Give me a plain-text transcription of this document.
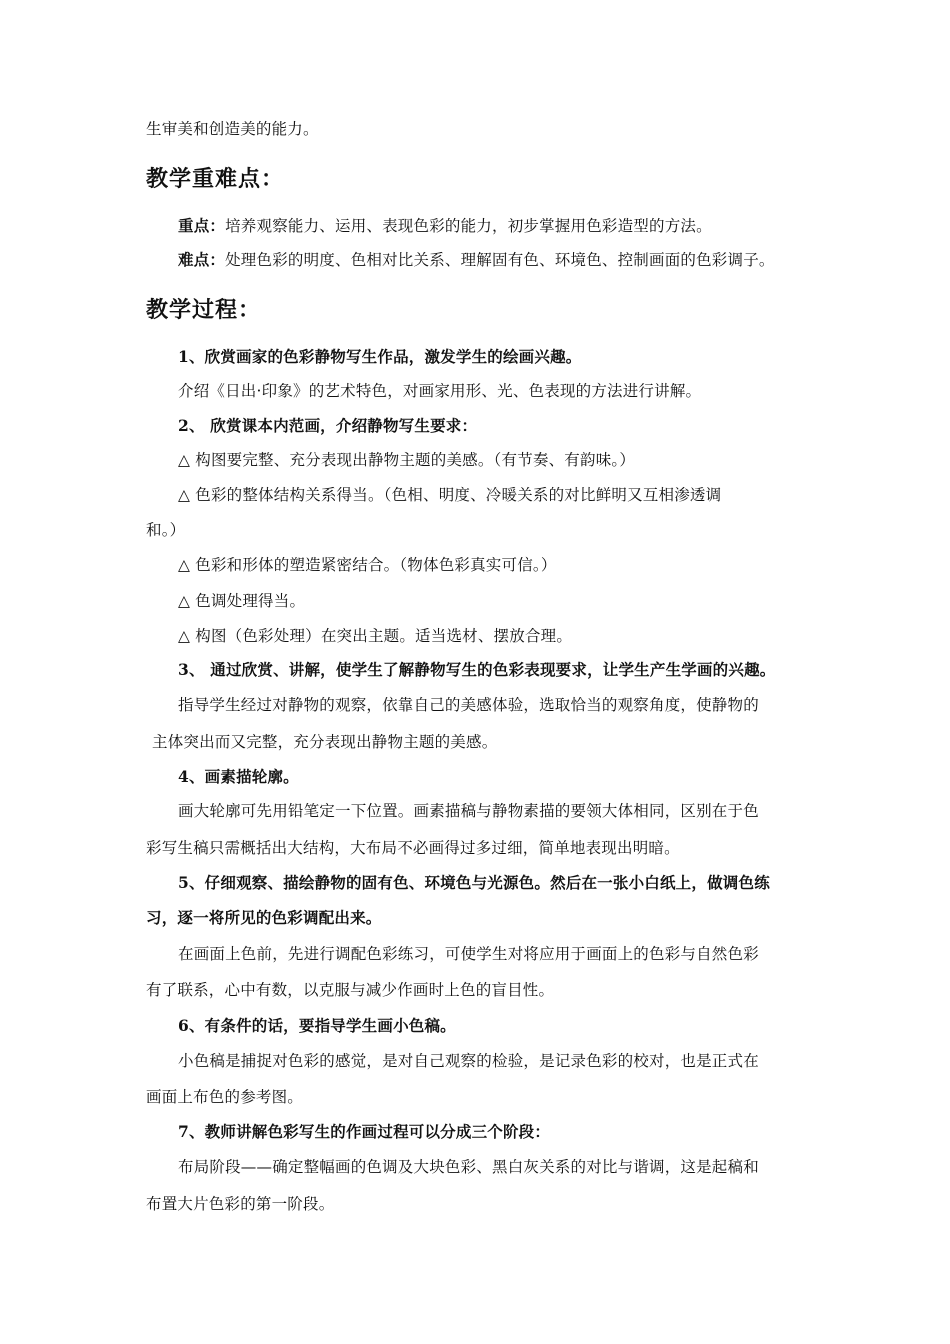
生审美和创造美的能力。
教学重难点：
重点：培养观察能力、运用、表现色彩的能力，初步掌握用色彩造型的方法。
难点：处理色彩的明度、色相对比关系、理解固有色、环境色、控制画面的色彩调子。
教学过程：
1、欣赏画家的色彩静物写生作品，激发学生的绘画兴趣。
介绍《日出·印象》的艺术特色，对画家用形、光、色表现的方法进行讲解。
2、 欣赏课本内范画，介绍静物写生要求：
△ 构图要完整、充分表现出静物主题的美感。（有节奏、有韵味。）
△ 色彩的整体结构关系得当。（色相、明度、冷暖关系的对比鲜明又互相渗透调
和。）
△ 色彩和形体的塑造紧密结合。（物体色彩真实可信。）
△ 色调处理得当。
△ 构图（色彩处理）在突出主题。适当选材、摆放合理。
3、 通过欣赏、讲解，使学生了解静物写生的色彩表现要求，让学生产生学画的兴趣。
指导学生经过对静物的观察，依靠自己的美感体验，选取恰当的观察角度，使静物的
主体突出而又完整，充分表现出静物主题的美感。
4、画素描轮廓。
画大轮廓可先用铅笔定一下位置。画素描稿与静物素描的要领大体相同，区别在于色
彩写生稿只需概括出大结构，大布局不必画得过多过细，简单地表现出明暗。
5、仔细观察、描绘静物的固有色、环境色与光源色。然后在一张小白纸上，做调色练
习，逐一将所见的色彩调配出来。
在画面上色前，先进行调配色彩练习，可使学生对将应用于画面上的色彩与自然色彩
有了联系，心中有数，以克服与减少作画时上色的盲目性。
6、有条件的话，要指导学生画小色稿。
小色稿是捕捉对色彩的感觉，是对自己观察的检验，是记录色彩的校对，也是正式在
画面上布色的参考图。
7、教师讲解色彩写生的作画过程可以分成三个阶段：
布局阶段——确定整幅画的色调及大块色彩、黑白灰关系的对比与谐调，这是起稿和
布置大片色彩的第一阶段。
